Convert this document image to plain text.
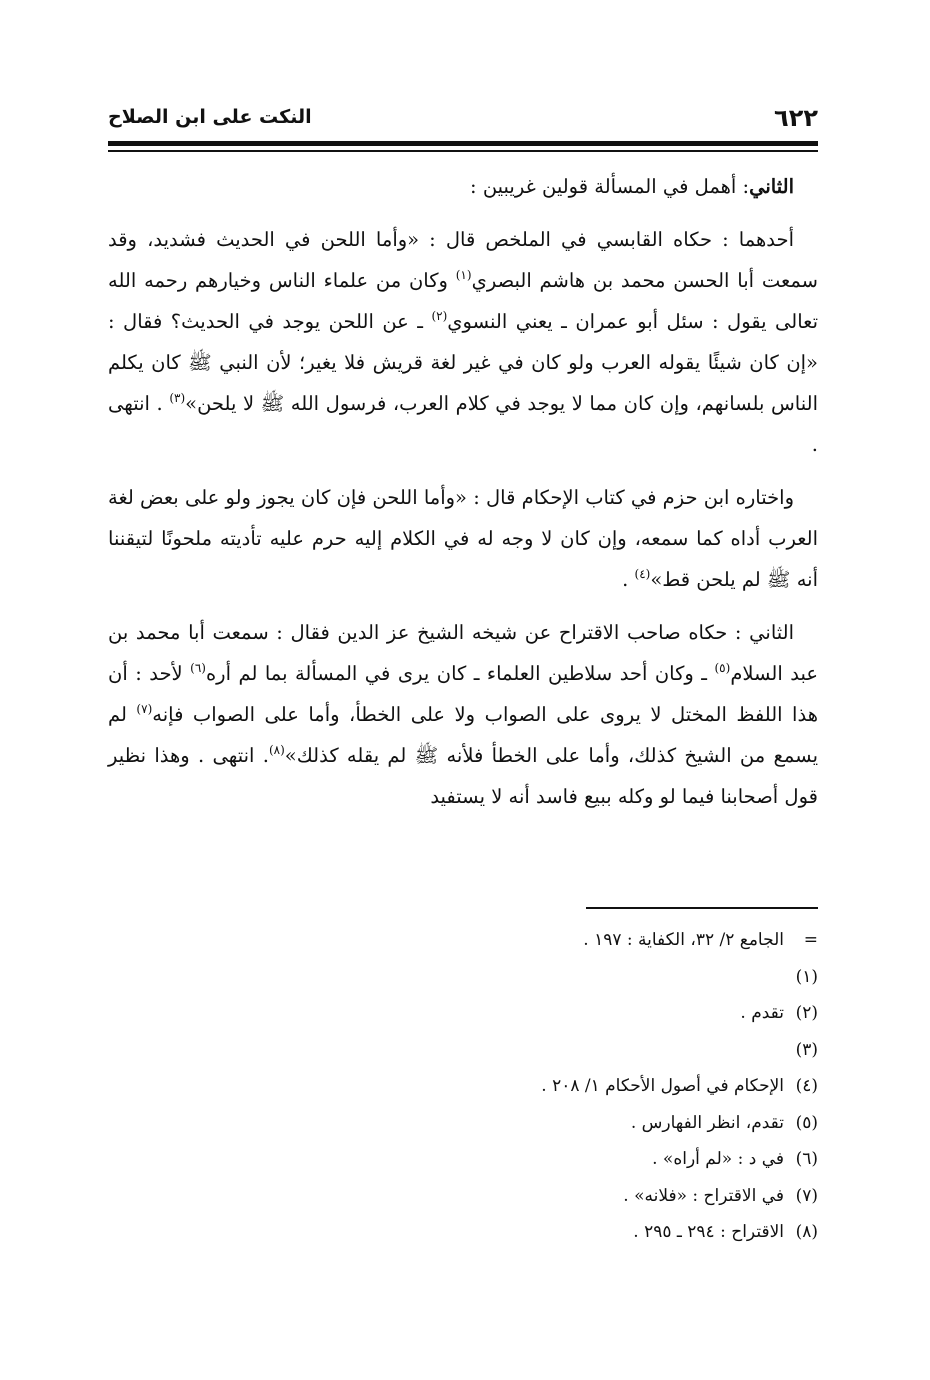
٦٢٢
النكت على ابن الصلاح

الثاني: أهمل في المسألة قولين غريبين :

أحدهما : حكاه القابسي في الملخص قال : «وأما اللحن في الحديث فشديد، وقد سمعت أبا الحسن محمد بن هاشم البصري$^{(١)}$ وكان من علماء الناس وخيارهم رحمه الله تعالى يقول : سئل أبو عمران ـ يعني النسوي$^{(٢)}$ ـ عن اللحن يوجد في الحديث؟ فقال : «إن كان شيئًا يقوله العرب ولو كان في غير لغة قريش فلا يغير؛ لأن النبي ﷺ كان يكلم الناس بلسانهم، وإن كان مما لا يوجد في كلام العرب، فرسول الله ﷺ لا يلحن»$^{(٣)}$ . انتهى .

واختاره ابن حزم في كتاب الإحكام قال : «وأما اللحن فإن كان يجوز ولو على بعض لغة العرب أداه كما سمعه، وإن كان لا وجه له في الكلام إليه حرم عليه تأديته ملحونًا لتيقننا أنه ﷺ لم يلحن قط»$^{(٤)}$ .

الثاني : حكاه صاحب الاقتراح عن شيخه الشيخ عز الدين فقال : سمعت أبا محمد بن عبد السلام$^{(٥)}$ ـ وكان أحد سلاطين العلماء ـ كان يرى في المسألة بما لم أره$^{(٦)}$ لأحد : أن هذا اللفظ المختل لا يروى على الصواب ولا على الخطأ، وأما على الصواب فإنه$^{(٧)}$ لم يسمع من الشيخ كذلك، وأما على الخطأ فلأنه ﷺ لم يقله كذلك»$^{(٨)}$. انتهى . وهذا نظير قول أصحابنا فيما لو وكله ببيع فاسد أنه لا يستفيد

=الجامع ٢/ ٣٢، الكفاية : ١٩٧ .
(١)
(٢)تقدم .
(٣)
(٤)الإحكام في أصول الأحكام ١/ ٢٠٨ .
(٥)تقدم، انظر الفهارس .
(٦)في د : «لم أراه» .
(٧)في الاقتراح : «فلانه» .
(٨)الاقتراح : ٢٩٤ ـ ٢٩٥ .
